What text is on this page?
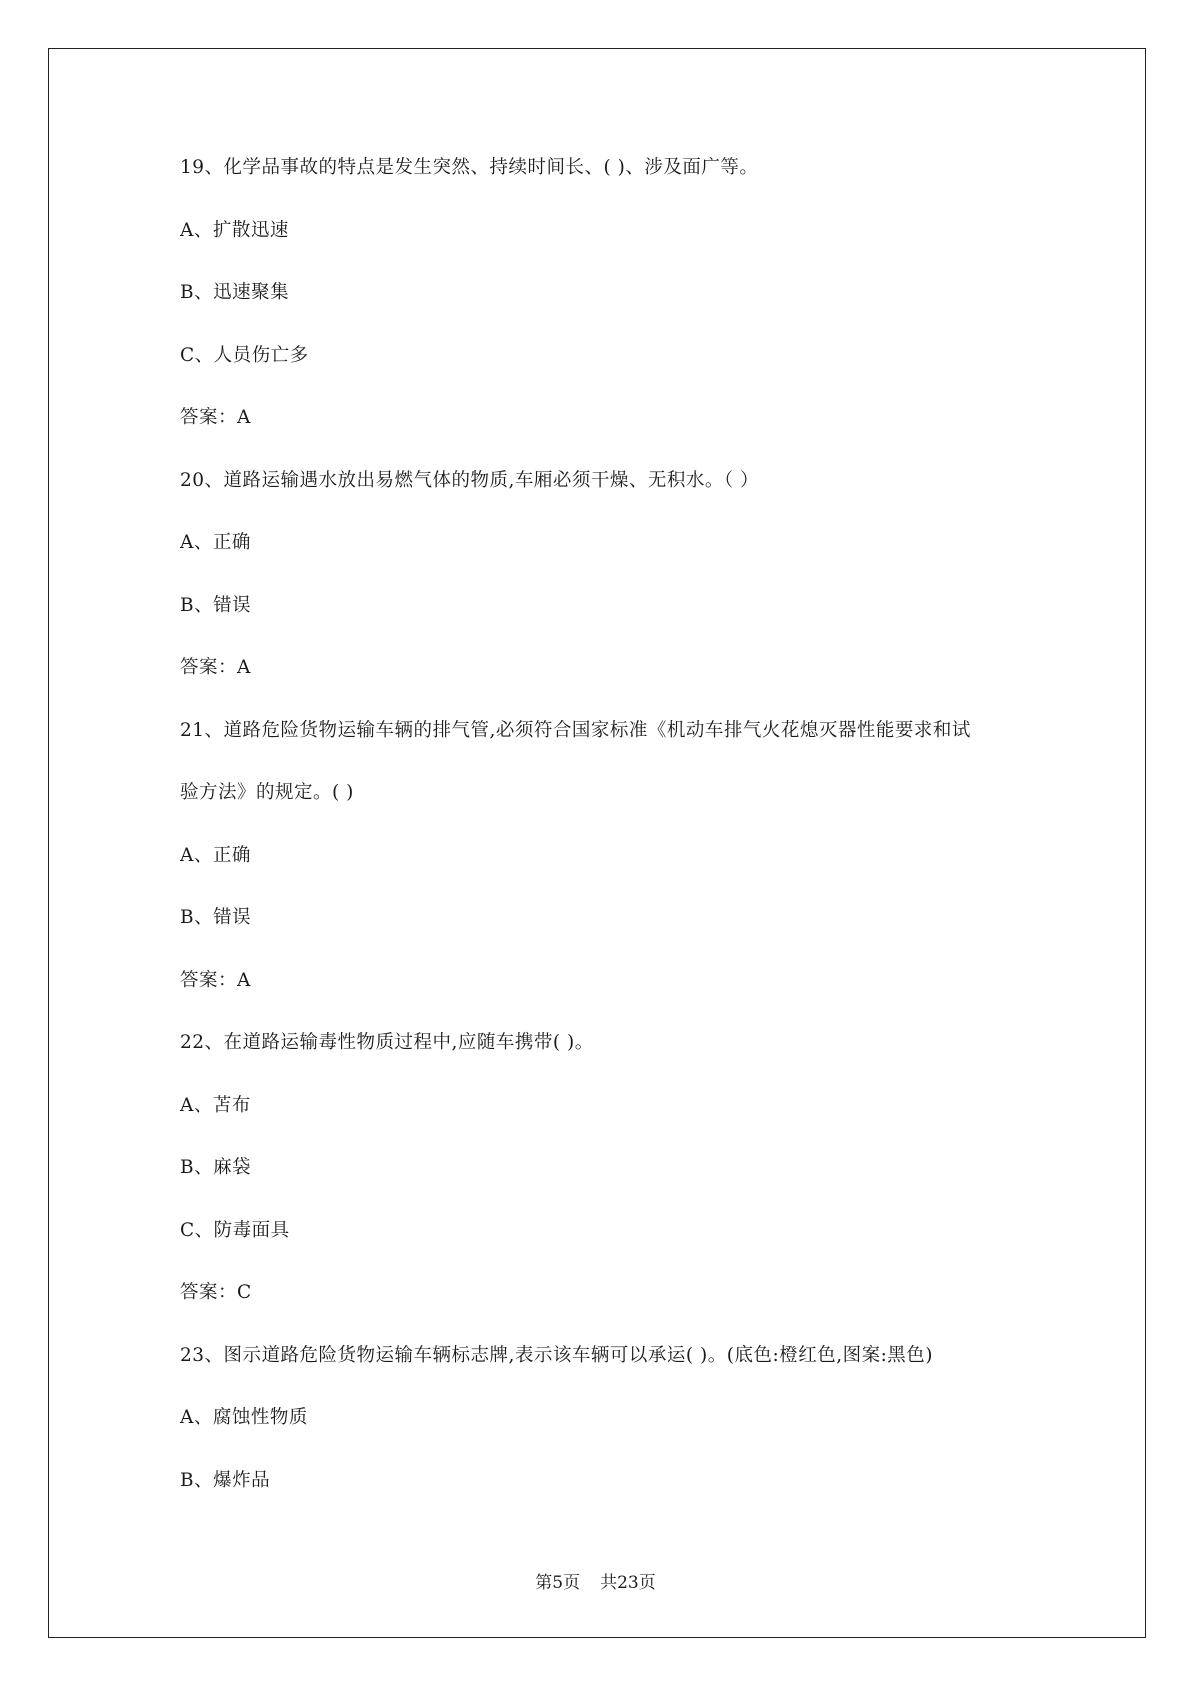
19、化学品事故的特点是发生突然、持续时间长、( )、涉及面广等。
A、扩散迅速
B、迅速聚集
C、人员伤亡多
答案：A
20、道路运输遇水放出易燃气体的物质,车厢必须干燥、无积水。（ ）
A、正确
B、错误
答案：A
21、道路危险货物运输车辆的排气管,必须符合国家标准《机动车排气火花熄灭器性能要求和试
验方法》的规定。( )
A、正确
B、错误
答案：A
22、在道路运输毒性物质过程中,应随车携带( )。
A、苫布
B、麻袋
C、防毒面具
答案：C
23、图示道路危险货物运输车辆标志牌,表示该车辆可以承运( )。(底色:橙红色,图案:黑色)
A、腐蚀性物质
B、爆炸品
第5页 共23页
